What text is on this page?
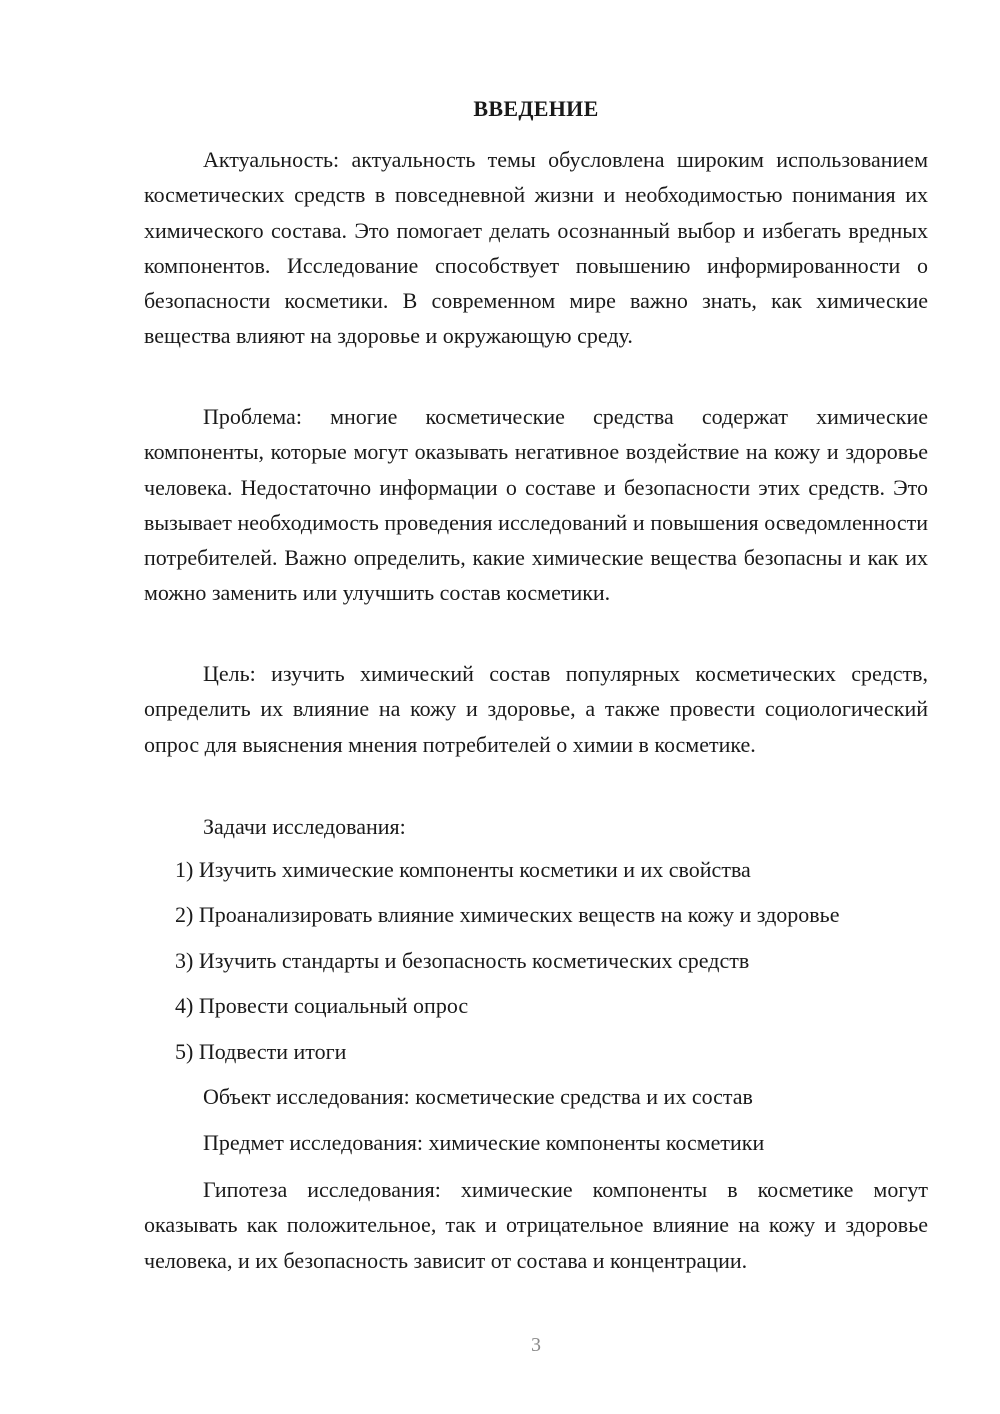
ВВЕДЕНИЕ

Актуальность: актуальность темы обусловлена широким использованием косметических средств в повседневной жизни и необходимостью понимания их химического состава. Это помогает делать осознанный выбор и избегать вредных компонентов. Исследование способствует повышению информированности о безопасности косметики. В современном мире важно знать, как химические вещества влияют на здоровье и окружающую среду.

Проблема: многие косметические средства содержат химические компоненты, которые могут оказывать негативное воздействие на кожу и здоровье человека. Недостаточно информации о составе и безопасности этих средств. Это вызывает необходимость проведения исследований и повышения осведомленности потребителей. Важно определить, какие химические вещества безопасны и как их можно заменить или улучшить состав косметики.

Цель: изучить химический состав популярных косметических средств, определить их влияние на кожу и здоровье, а также провести социологический опрос для выяснения мнения потребителей о химии в косметике.

Задачи исследования:
1) Изучить химические компоненты косметики и их свойства
2) Проанализировать влияние химических веществ на кожу и здоровье
3) Изучить стандарты и безопасность косметических средств
4) Провести социальный опрос
5) Подвести итоги
Объект исследования: косметические средства и их состав
Предмет исследования: химические компоненты косметики

Гипотеза исследования: химические компоненты в косметике могут оказывать как положительное, так и отрицательное влияние на кожу и здоровье человека, и их безопасность зависит от состава и концентрации.

3
